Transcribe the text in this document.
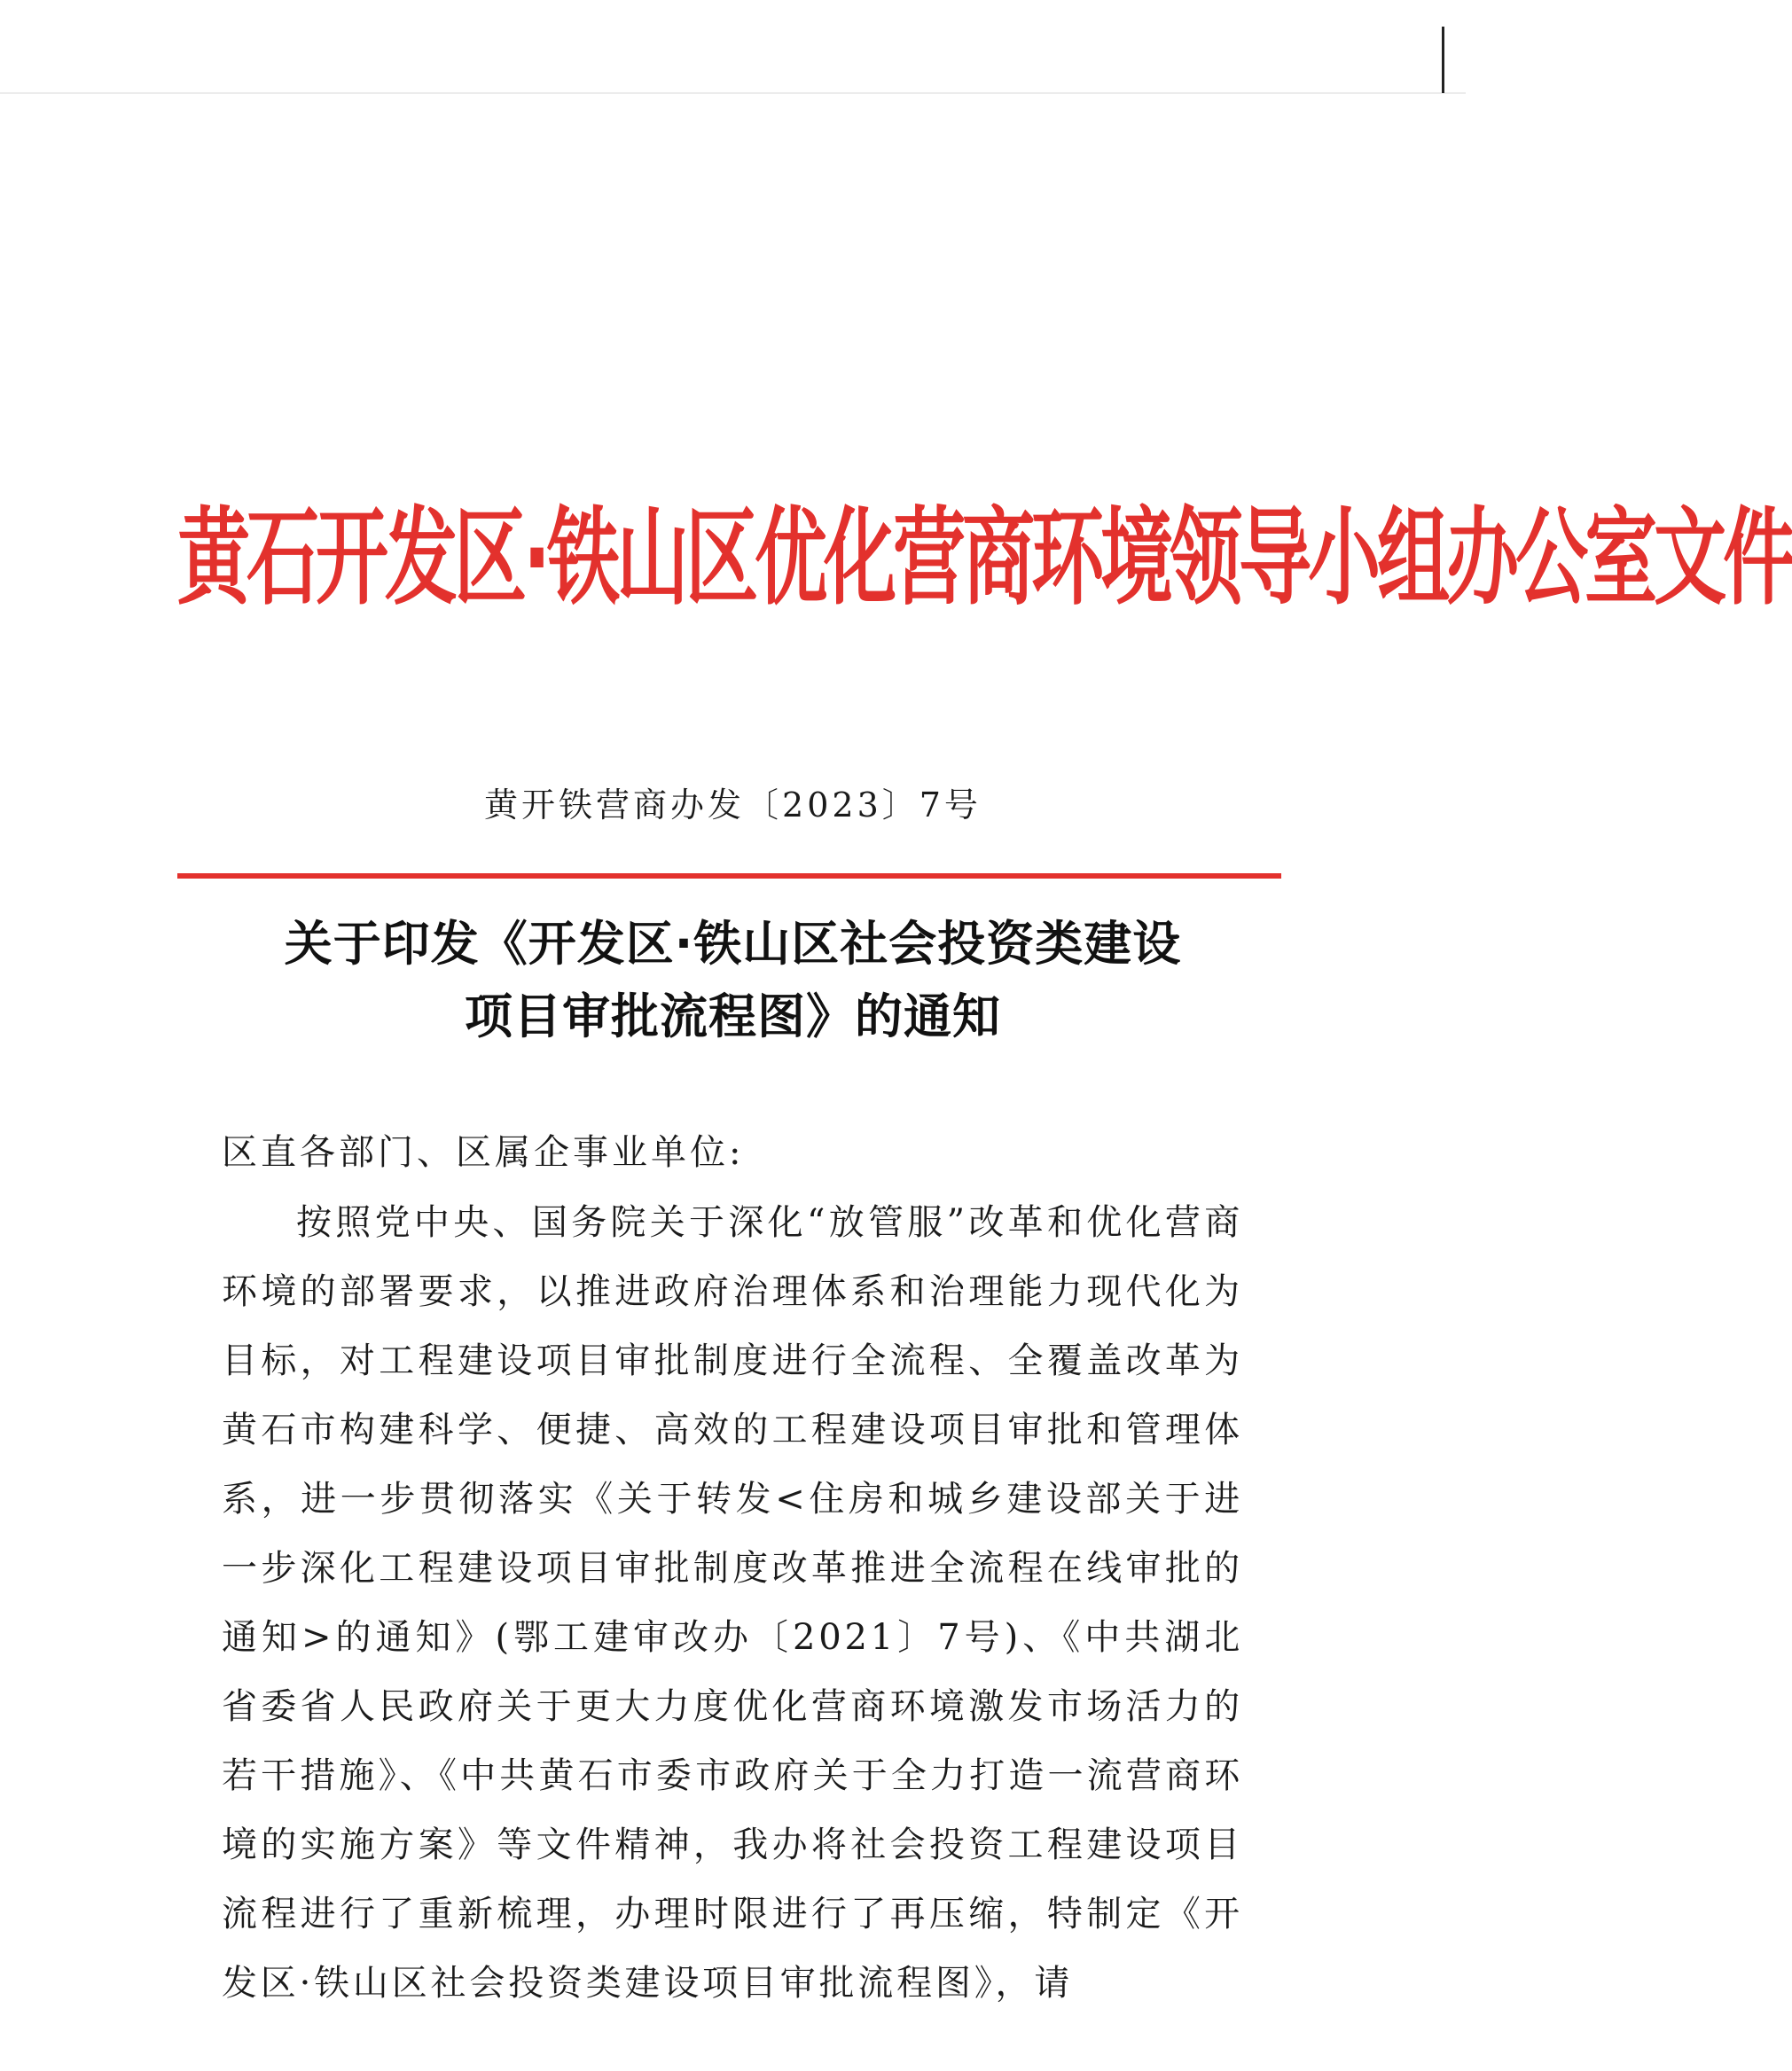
黄石开发区·铁山区优化营商环境领导小组办公室文件
黄开铁营商办发〔2023〕7号
关于印发《开发区·铁山区社会投资类建设
项目审批流程图》的通知
区直各部门、区属企事业单位:

按照党中央、国务院关于深化“放管服”改革和优化营商环境的部署要求，以推进政府治理体系和治理能力现代化为目标，对工程建设项目审批制度进行全流程、全覆盖改革为黄石市构建科学、便捷、高效的工程建设项目审批和管理体系，进一步贯彻落实《关于转发<住房和城乡建设部关于进一步深化工程建设项目审批制度改革推进全流程在线审批的通知>的通知》(鄂工建审改办〔2021〕7号)、《中共湖北省委省人民政府关于更大力度优化营商环境激发市场活力的若干措施》、《中共黄石市委市政府关于全力打造一流营商环境的实施方案》等文件精神，我办将社会投资工程建设项目流程进行了重新梳理，办理时限进行了再压缩，特制定《开发区·铁山区社会投资类建设项目审批流程图》，请
